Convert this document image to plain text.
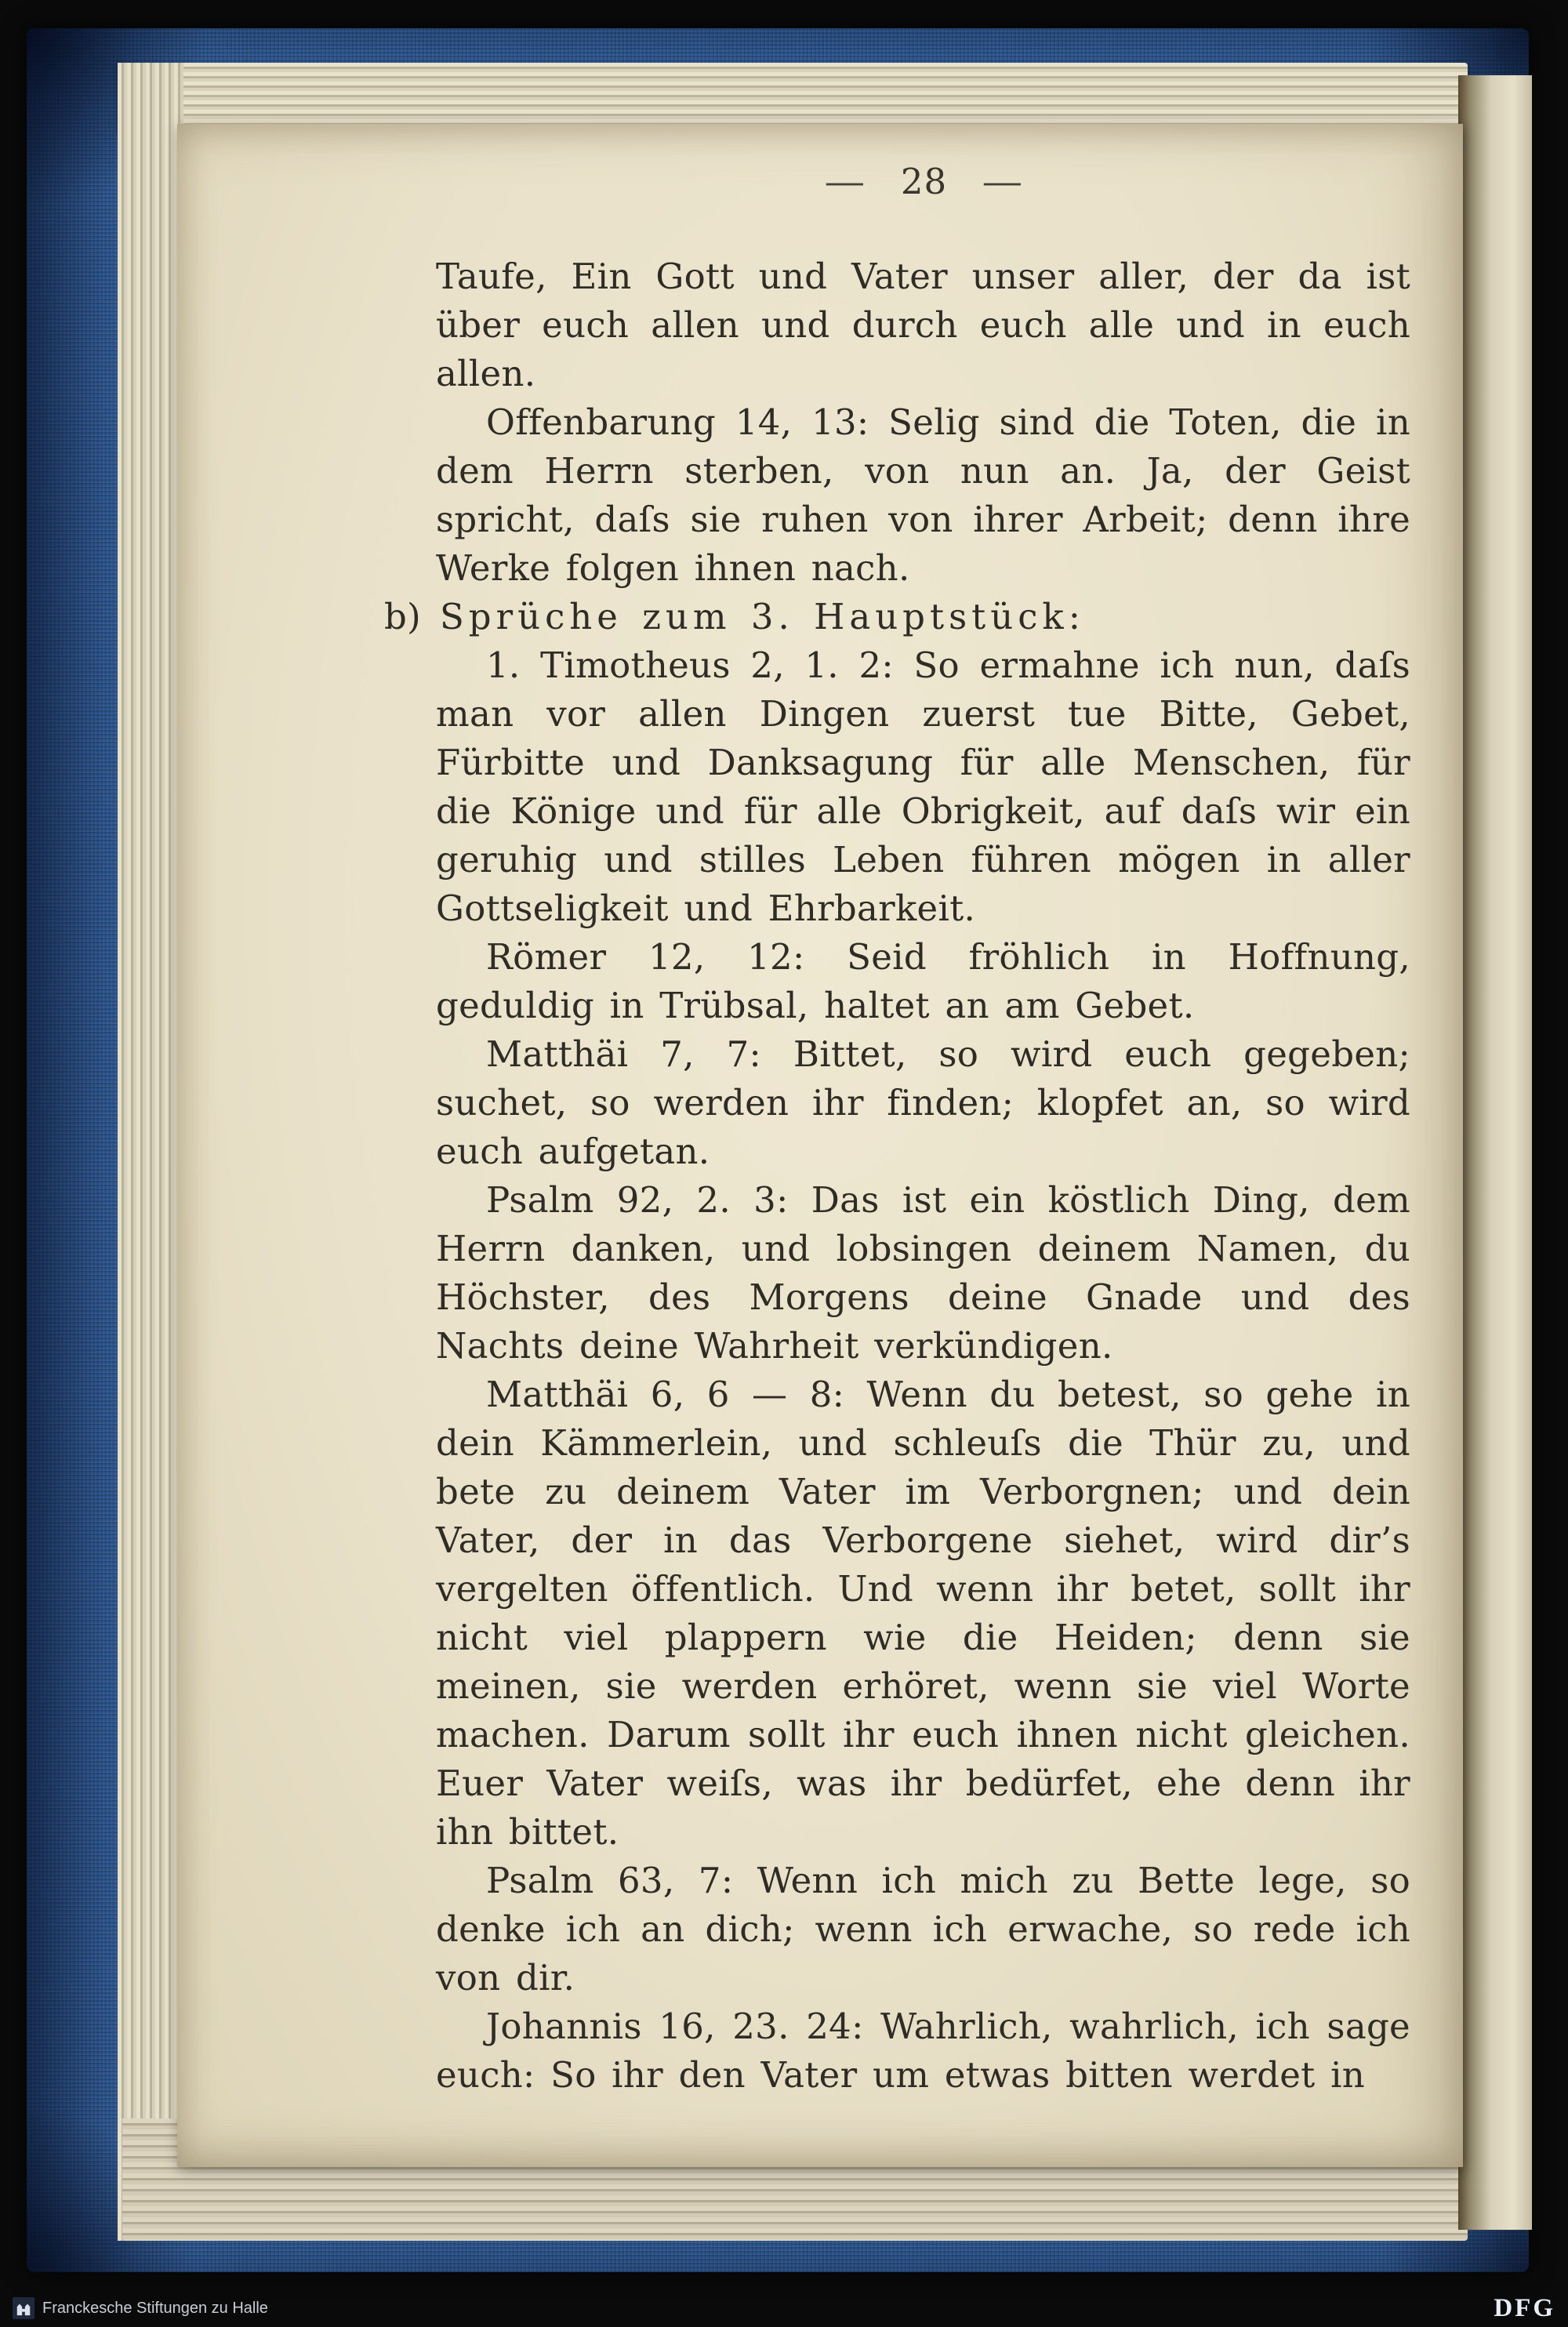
— 28 —

Taufe, Ein Gott und Vater unser aller, der da ist über euch allen und durch euch alle und in euch allen.

Offenbarung 14, 13: Selig sind die Toten, die in dem Herrn sterben, von nun an. Ja, der Geist spricht, daſs sie ruhen von ihrer Arbeit; denn ihre Werke folgen ihnen nach.

b) Sprüche zum 3. Hauptstück:

1. Timotheus 2, 1. 2: So ermahne ich nun, daſs man vor allen Dingen zuerst tue Bitte, Gebet, Fürbitte und Danksagung für alle Menschen, für die Könige und für alle Obrigkeit, auf daſs wir ein geruhig und stilles Leben führen mögen in aller Gottseligkeit und Ehrbarkeit.

Römer 12, 12: Seid fröhlich in Hoffnung, geduldig in Trübsal, haltet an am Gebet.

Matthäi 7, 7: Bittet, so wird euch gegeben; suchet, so werden ihr finden; klopfet an, so wird euch aufgetan.

Psalm 92, 2. 3: Das ist ein köstlich Ding, dem Herrn danken, und lobsingen deinem Namen, du Höchster, des Morgens deine Gnade und des Nachts deine Wahrheit verkündigen.

Matthäi 6, 6 — 8: Wenn du betest, so gehe in dein Kämmerlein, und schleuſs die Thür zu, und bete zu deinem Vater im Verborgnen; und dein Vater, der in das Verborgene siehet, wird dir’s vergelten öffentlich. Und wenn ihr betet, sollt ihr nicht viel plappern wie die Heiden; denn sie meinen, sie werden erhöret, wenn sie viel Worte machen. Darum sollt ihr euch ihnen nicht gleichen. Euer Vater weiſs, was ihr bedürfet, ehe denn ihr ihn bittet.

Psalm 63, 7: Wenn ich mich zu Bette lege, so denke ich an dich; wenn ich erwache, so rede ich von dir.

Johannis 16, 23. 24: Wahrlich, wahrlich, ich sage euch: So ihr den Vater um etwas bitten werdet in

Franckesche Stiftungen zu Halle	DFG
